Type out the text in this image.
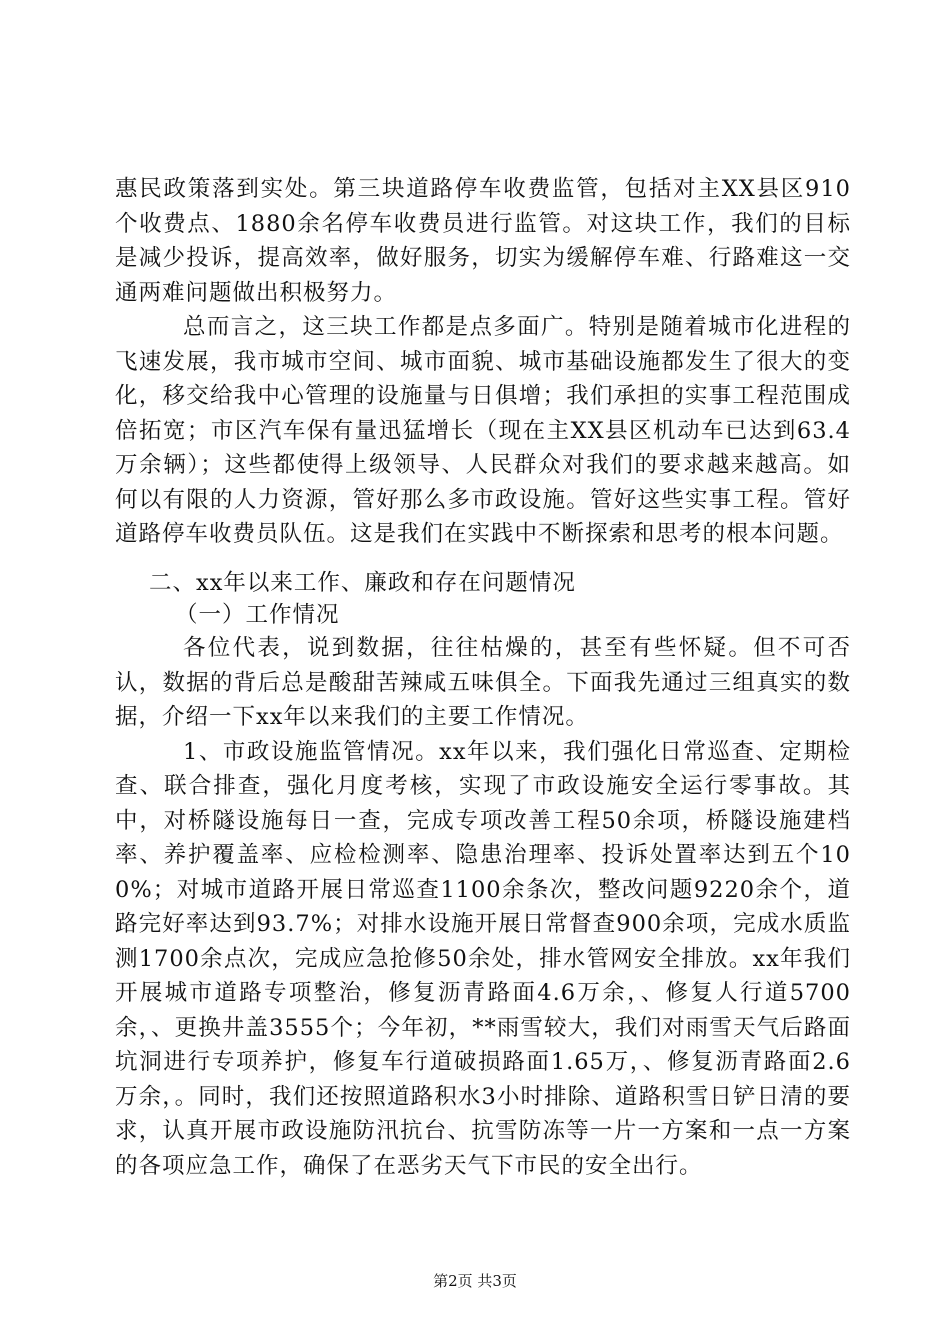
惠民政策落到实处。第三块道路停车收费监管，包括对主XX县区910个收费点、1880余名停车收费员进行监管。对这块工作，我们的目标是减少投诉，提高效率，做好服务，切实为缓解停车难、行路难这一交通两难问题做出积极努力。

总而言之，这三块工作都是点多面广。特别是随着城市化进程的飞速发展，我市城市空间、城市面貌、城市基础设施都发生了很大的变化，移交给我中心管理的设施量与日俱增；我们承担的实事工程范围成倍拓宽；市区汽车保有量迅猛增长（现在主XX县区机动车已达到63.4万余辆）；这些都使得上级领导、人民群众对我们的要求越来越高。如何以有限的人力资源，管好那么多市政设施。管好这些实事工程。管好道路停车收费员队伍。这是我们在实践中不断探索和思考的根本问题。

二、xx年以来工作、廉政和存在问题情况

（一）工作情况

各位代表，说到数据，往往枯燥的，甚至有些怀疑。但不可否认，数据的背后总是酸甜苦辣咸五味俱全。下面我先通过三组真实的数据，介绍一下xx年以来我们的主要工作情况。

1、市政设施监管情况。xx年以来，我们强化日常巡查、定期检查、联合排查，强化月度考核，实现了市政设施安全运行零事故。其中，对桥隧设施每日一查，完成专项改善工程50余项，桥隧设施建档率、养护覆盖率、应检检测率、隐患治理率、投诉处置率达到五个100%；对城市道路开展日常巡查1100余条次，整改问题9220余个，道路完好率达到93.7%；对排水设施开展日常督查900余项，完成水质监测1700余点次，完成应急抢修50余处，排水管网安全排放。xx年我们开展城市道路专项整治，修复沥青路面4.6万余，、修复人行道5700余，、更换井盖3555个；今年初，**雨雪较大，我们对雨雪天气后路面坑洞进行专项养护，修复车行道破损路面1.65万，、修复沥青路面2.6万余，。同时，我们还按照道路积水3小时排除、道路积雪日铲日清的要求，认真开展市政设施防汛抗台、抗雪防冻等一片一方案和一点一方案的各项应急工作，确保了在恶劣天气下市民的安全出行。

第2页 共3页
